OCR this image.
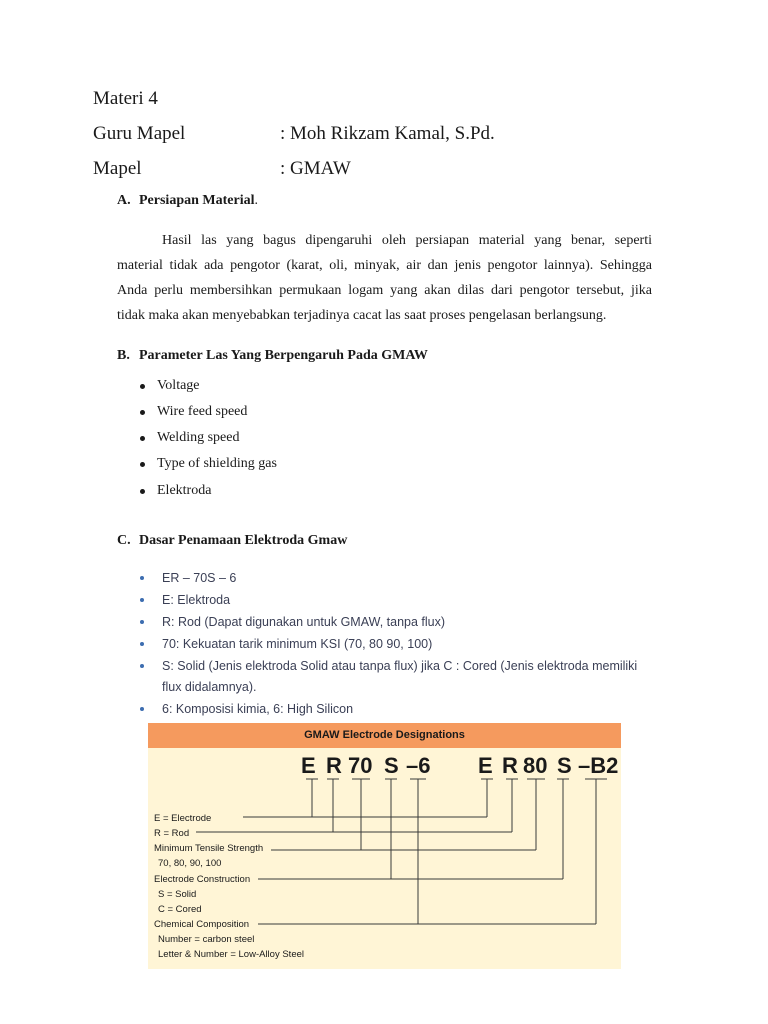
Materi 4
Guru Mapel	: Moh Rikzam Kamal, S.Pd.
Mapel	: GMAW
A. Persiapan Material.
Hasil las yang bagus dipengaruhi oleh persiapan material yang benar, seperti
material tidak ada pengotor (karat, oli, minyak, air dan jenis pengotor lainnya). Sehingga
Anda perlu membersihkan permukaan logam yang akan dilas dari pengotor tersebut, jika
tidak maka akan menyebabkan terjadinya cacat las saat proses pengelasan berlangsung.
B. Parameter Las Yang Berpengaruh Pada GMAW
Voltage
Wire feed speed
Welding speed
Type of shielding gas
Elektroda
C. Dasar Penamaan Elektroda Gmaw
ER – 70S – 6
E: Elektroda
R: Rod (Dapat digunakan untuk GMAW, tanpa flux)
70: Kekuatan tarik minimum KSI (70, 80 90, 100)
S: Solid (Jenis elektroda Solid atau tanpa flux) jika C : Cored (Jenis elektroda memiliki
flux didalamnya).
6: Komposisi kimia, 6: High Silicon
GMAW Electrode Designations
E R 70 S –6 E R 80 S –B2
E = Electrode
R = Rod
Minimum Tensile Strength
70, 80, 90, 100
Electrode Construction
S = Solid
C = Cored
Chemical Composition
Number = carbon steel
Letter & Number = Low-Alloy Steel
